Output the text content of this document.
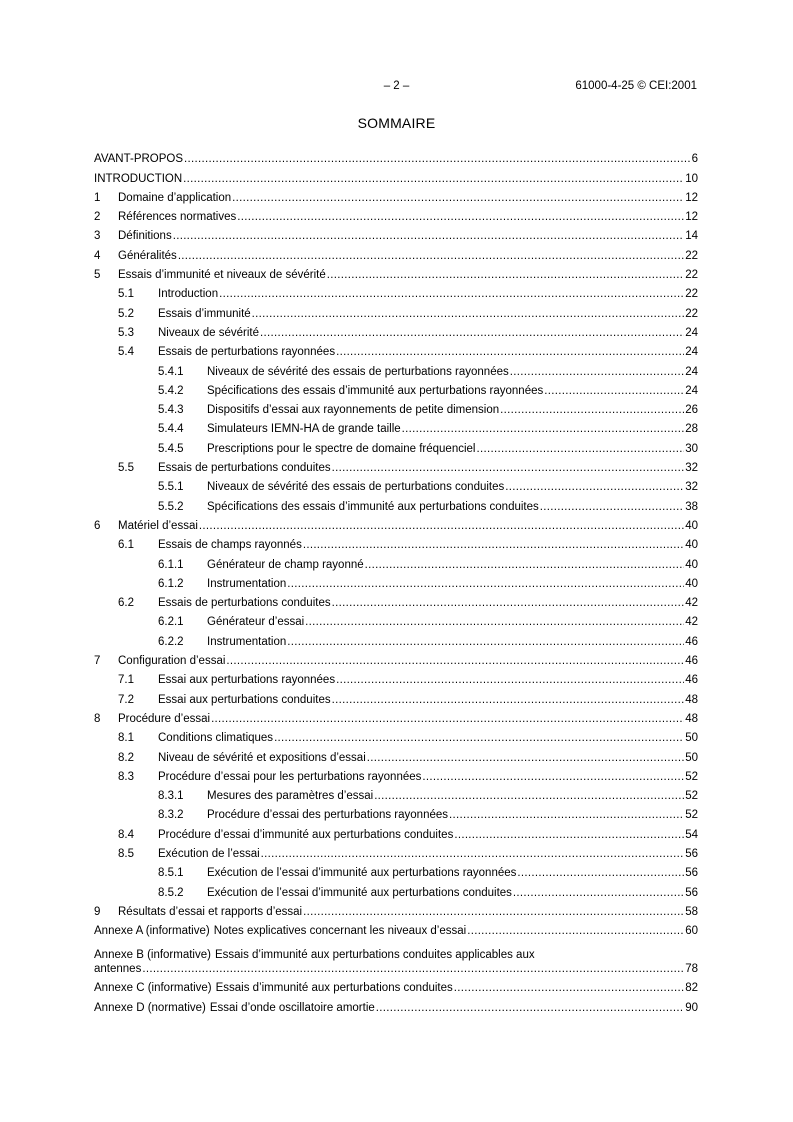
– 2 –	61000-4-25 © CEI:2001
SOMMAIRE
AVANT-PROPOS .....	6
INTRODUCTION .....	10
1	Domaine d’application .....	12
2	Références normatives .....	12
3	Définitions .....	14
4	Généralités .....	22
5	Essais d’immunité et niveaux de sévérité .....	22
5.1	Introduction .....	22
5.2	Essais d’immunité .....	22
5.3	Niveaux de sévérité .....	24
5.4	Essais de perturbations rayonnées .....	24
5.4.1	Niveaux de sévérité des essais de perturbations rayonnées .....	24
5.4.2	Spécifications des essais d’immunité aux perturbations rayonnées .....	24
5.4.3	Dispositifs d’essai aux rayonnements de petite dimension .....	26
5.4.4	Simulateurs IEMN-HA de grande taille .....	28
5.4.5	Prescriptions pour le spectre de domaine fréquenciel .....	30
5.5	Essais de perturbations conduites .....	32
5.5.1	Niveaux de sévérité des essais de perturbations conduites .....	32
5.5.2	Spécifications des essais d’immunité aux perturbations conduites .....	38
6	Matériel d’essai .....	40
6.1	Essais de champs rayonnés .....	40
6.1.1	Générateur de champ rayonné .....	40
6.1.2	Instrumentation .....	40
6.2	Essais de perturbations conduites .....	42
6.2.1	Générateur d’essai .....	42
6.2.2	Instrumentation .....	46
7	Configuration d’essai .....	46
7.1	Essai aux perturbations rayonnées .....	46
7.2	Essai aux perturbations conduites .....	48
8	Procédure d’essai .....	48
8.1	Conditions climatiques .....	50
8.2	Niveau de sévérité et expositions d’essai .....	50
8.3	Procédure d’essai pour les perturbations rayonnées .....	52
8.3.1	Mesures des paramètres d’essai .....	52
8.3.2	Procédure d’essai des perturbations rayonnées .....	52
8.4	Procédure d’essai d’immunité aux perturbations conduites .....	54
8.5	Exécution de l’essai .....	56
8.5.1	Exécution de l’essai d’immunité aux perturbations rayonnées .....	56
8.5.2	Exécution de l’essai d’immunité aux perturbations conduites .....	56
9	Résultats d’essai et rapports d’essai .....	58
Annexe A (informative) Notes explicatives concernant les niveaux d’essai .....	60
Annexe B (informative) Essais d’immunité aux perturbations conduites applicables aux
antennes .....	78
Annexe C (informative) Essais d’immunité aux perturbations conduites .....	82
Annexe D (normative) Essai d’onde oscillatoire amortie .....	90
